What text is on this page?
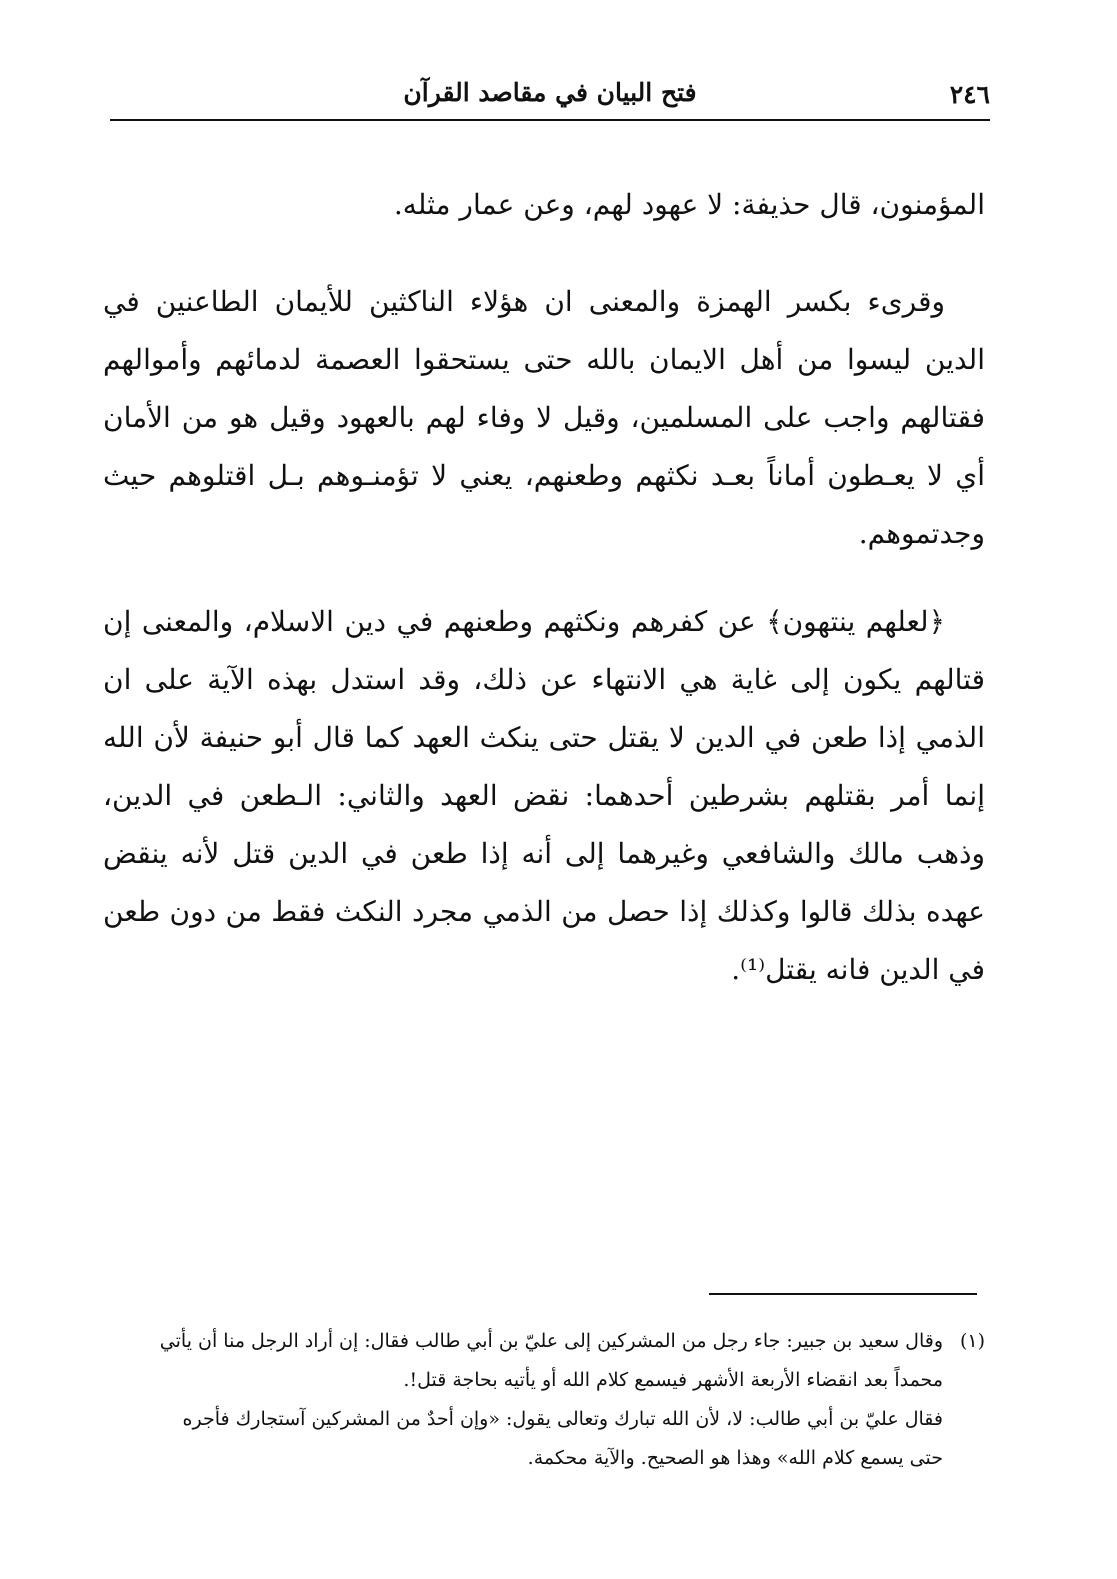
٢٤٦
فتح البيان في مقاصد القرآن

المؤمنون، قال حذيفة: لا عهود لهم، وعن عمار مثله.

وقرىء بكسر الهمزة والمعنى ان هؤلاء الناكثين للأيمان الطاعنين في الدين ليسوا من أهل الايمان بالله حتى يستحقوا العصمة لدمائهم وأموالهم فقتالهم واجب على المسلمين، وقيل لا وفاء لهم بالعهود وقيل هو من الأمان أي لا يعـطون أماناً بعـد نكثهم وطعنهم، يعني لا تؤمنـوهم بـل اقتلوهم حيث وجدتموهم.

﴿لعلهم ينتهون﴾ عن كفرهم ونكثهم وطعنهم في دين الاسلام، والمعنى إن قتالهم يكون إلى غاية هي الانتهاء عن ذلك، وقد استدل بهذه الآية على ان الذمي إذا طعن في الدين لا يقتل حتى ينكث العهد كما قال أبو حنيفة لأن الله إنما أمر بقتلهم بشرطين أحدهما: نقض العهد والثاني: الـطعن في الدين، وذهب مالك والشافعي وغيرهما إلى أنه إذا طعن في الدين قتل لأنه ينقض عهده بذلك قالوا وكذلك إذا حصل من الذمي مجرد النكث فقط من دون طعن في الدين فانه يقتل⁽¹⁾.

(١)
وقال سعيد بن جبير: جاء رجل من المشركين إلى عليّ بن أبي طالب فقال: إن أراد الرجل منا أن يأتي
محمداً بعد انقضاء الأربعة الأشهر فيسمع كلام الله أو يأتيه بحاجة قتل!.
فقال عليّ بن أبي طالب: لا، لأن الله تبارك وتعالى يقول: «وإن أحدٌ من المشركين آستجارك فأجره
حتى يسمع كلام الله» وهذا هو الصحيح. والآية محكمة.
